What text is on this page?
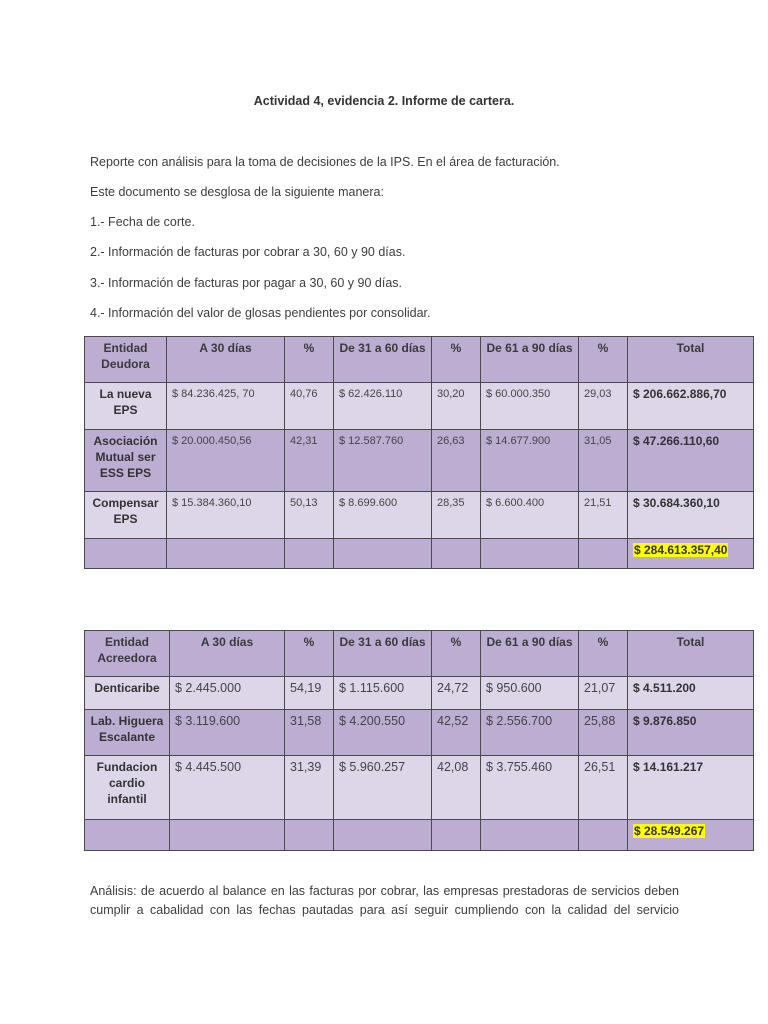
Actividad 4, evidencia 2. Informe de cartera.
Reporte con análisis para la toma de decisiones de la IPS. En el área de facturación.
Este documento se desglosa de la siguiente manera:
1.- Fecha de corte.
2.- Información de facturas por cobrar a 30, 60 y 90 días.
3.- Información de facturas por pagar a 30, 60 y 90 días.
4.- Información del valor de glosas pendientes por consolidar.
Entidad Deudora	A 30 días	%	De 31 a 60 días	%	De 61 a 90 días	%	Total
La nueva EPS	$ 84.236.425, 70	40,76	$ 62.426.110	30,20	$ 60.000.350	29,03	$ 206.662.886,70
Asociación Mutual ser ESS EPS	$ 20.000.450,56	42,31	$ 12.587.760	26,63	$ 14.677.900	31,05	$ 47.266.110,60
Compensar EPS	$ 15.384.360,10	50,13	$ 8.699.600	28,35	$ 6.600.400	21,51	$ 30.684.360,10
							$ 284.613.357,40
Entidad Acreedora	A 30 días	%	De 31 a 60 días	%	De 61 a 90 días	%	Total
Denticaribe	$ 2.445.000	54,19	$ 1.115.600	24,72	$ 950.600	21,07	$ 4.511.200
Lab. Higuera Escalante	$ 3.119.600	31,58	$ 4.200.550	42,52	$ 2.556.700	25,88	$ 9.876.850
Fundacion cardio infantil	$ 4.445.500	31,39	$ 5.960.257	42,08	$ 3.755.460	26,51	$ 14.161.217
							$ 28.549.267
Análisis: de acuerdo al balance en las facturas por cobrar, las empresas prestadoras de servicios deben cumplir a cabalidad con las fechas pautadas para así seguir cumpliendo con la calidad del servicio
